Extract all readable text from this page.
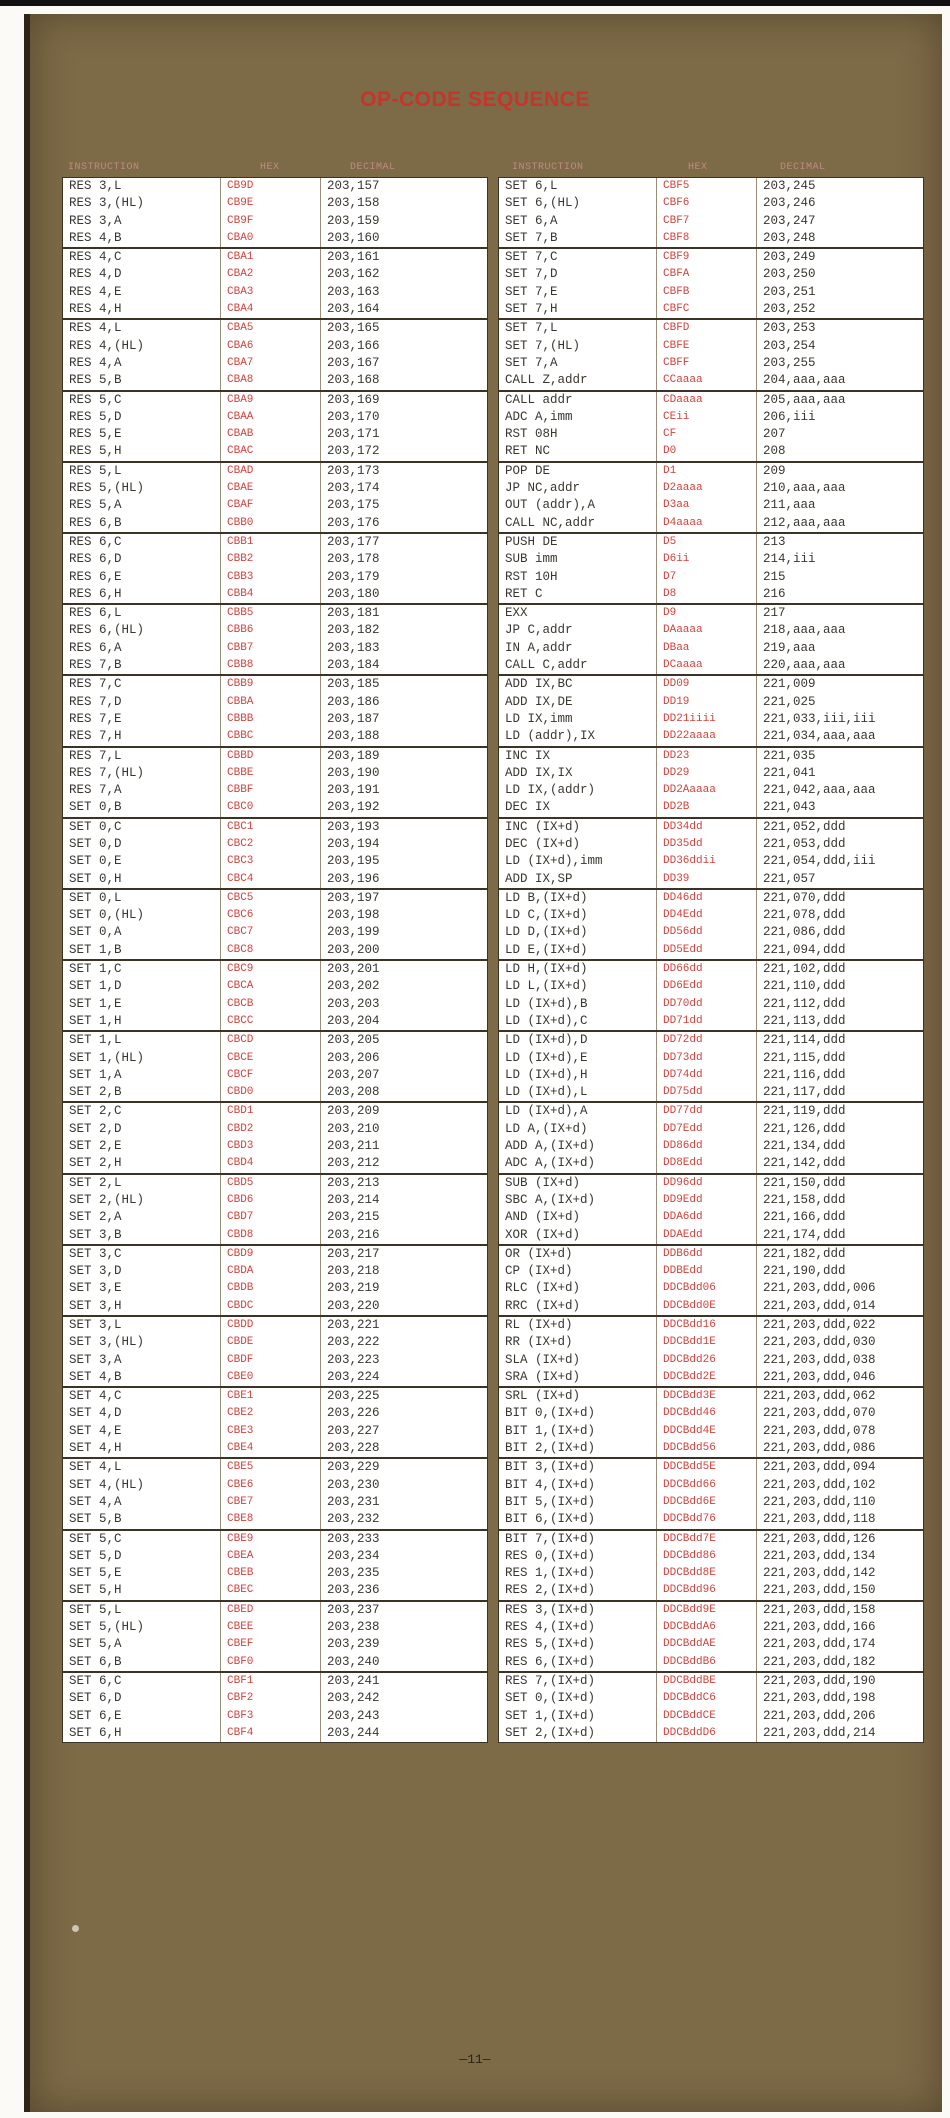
OP-CODE SEQUENCE
INSTRUCTION	HEX	DECIMAL	INSTRUCTION	HEX	DECIMAL
RES 3,L	CB9D	203,157
RES 3,(HL)	CB9E	203,158
RES 3,A	CB9F	203,159
RES 4,B	CBA0	203,160
RES 4,C	CBA1	203,161
RES 4,D	CBA2	203,162
RES 4,E	CBA3	203,163
RES 4,H	CBA4	203,164
RES 4,L	CBA5	203,165
RES 4,(HL)	CBA6	203,166
RES 4,A	CBA7	203,167
RES 5,B	CBA8	203,168
RES 5,C	CBA9	203,169
RES 5,D	CBAA	203,170
RES 5,E	CBAB	203,171
RES 5,H	CBAC	203,172
RES 5,L	CBAD	203,173
RES 5,(HL)	CBAE	203,174
RES 5,A	CBAF	203,175
RES 6,B	CBB0	203,176
RES 6,C	CBB1	203,177
RES 6,D	CBB2	203,178
RES 6,E	CBB3	203,179
RES 6,H	CBB4	203,180
RES 6,L	CBB5	203,181
RES 6,(HL)	CBB6	203,182
RES 6,A	CBB7	203,183
RES 7,B	CBB8	203,184
RES 7,C	CBB9	203,185
RES 7,D	CBBA	203,186
RES 7,E	CBBB	203,187
RES 7,H	CBBC	203,188
RES 7,L	CBBD	203,189
RES 7,(HL)	CBBE	203,190
RES 7,A	CBBF	203,191
SET 0,B	CBC0	203,192
SET 0,C	CBC1	203,193
SET 0,D	CBC2	203,194
SET 0,E	CBC3	203,195
SET 0,H	CBC4	203,196
SET 0,L	CBC5	203,197
SET 0,(HL)	CBC6	203,198
SET 0,A	CBC7	203,199
SET 1,B	CBC8	203,200
SET 1,C	CBC9	203,201
SET 1,D	CBCA	203,202
SET 1,E	CBCB	203,203
SET 1,H	CBCC	203,204
SET 1,L	CBCD	203,205
SET 1,(HL)	CBCE	203,206
SET 1,A	CBCF	203,207
SET 2,B	CBD0	203,208
SET 2,C	CBD1	203,209
SET 2,D	CBD2	203,210
SET 2,E	CBD3	203,211
SET 2,H	CBD4	203,212
SET 2,L	CBD5	203,213
SET 2,(HL)	CBD6	203,214
SET 2,A	CBD7	203,215
SET 3,B	CBD8	203,216
SET 3,C	CBD9	203,217
SET 3,D	CBDA	203,218
SET 3,E	CBDB	203,219
SET 3,H	CBDC	203,220
SET 3,L	CBDD	203,221
SET 3,(HL)	CBDE	203,222
SET 3,A	CBDF	203,223
SET 4,B	CBE0	203,224
SET 4,C	CBE1	203,225
SET 4,D	CBE2	203,226
SET 4,E	CBE3	203,227
SET 4,H	CBE4	203,228
SET 4,L	CBE5	203,229
SET 4,(HL)	CBE6	203,230
SET 4,A	CBE7	203,231
SET 5,B	CBE8	203,232
SET 5,C	CBE9	203,233
SET 5,D	CBEA	203,234
SET 5,E	CBEB	203,235
SET 5,H	CBEC	203,236
SET 5,L	CBED	203,237
SET 5,(HL)	CBEE	203,238
SET 5,A	CBEF	203,239
SET 6,B	CBF0	203,240
SET 6,C	CBF1	203,241
SET 6,D	CBF2	203,242
SET 6,E	CBF3	203,243
SET 6,H	CBF4	203,244
SET 6,L	CBF5	203,245
SET 6,(HL)	CBF6	203,246
SET 6,A	CBF7	203,247
SET 7,B	CBF8	203,248
SET 7,C	CBF9	203,249
SET 7,D	CBFA	203,250
SET 7,E	CBFB	203,251
SET 7,H	CBFC	203,252
SET 7,L	CBFD	203,253
SET 7,(HL)	CBFE	203,254
SET 7,A	CBFF	203,255
CALL Z,addr	CCaaaa	204,aaa,aaa
CALL addr	CDaaaa	205,aaa,aaa
ADC A,imm	CEii	206,iii
RST 08H	CF	207
RET NC	D0	208
POP DE	D1	209
JP NC,addr	D2aaaa	210,aaa,aaa
OUT (addr),A	D3aa	211,aaa
CALL NC,addr	D4aaaa	212,aaa,aaa
PUSH DE	D5	213
SUB imm	D6ii	214,iii
RST 10H	D7	215
RET C	D8	216
EXX	D9	217
JP C,addr	DAaaaa	218,aaa,aaa
IN A,addr	DBaa	219,aaa
CALL C,addr	DCaaaa	220,aaa,aaa
ADD IX,BC	DD09	221,009
ADD IX,DE	DD19	221,025
LD IX,imm	DD21iiii	221,033,iii,iii
LD (addr),IX	DD22aaaa	221,034,aaa,aaa
INC IX	DD23	221,035
ADD IX,IX	DD29	221,041
LD IX,(addr)	DD2Aaaaa	221,042,aaa,aaa
DEC IX	DD2B	221,043
INC (IX+d)	DD34dd	221,052,ddd
DEC (IX+d)	DD35dd	221,053,ddd
LD (IX+d),imm	DD36ddii	221,054,ddd,iii
ADD IX,SP	DD39	221,057
LD B,(IX+d)	DD46dd	221,070,ddd
LD C,(IX+d)	DD4Edd	221,078,ddd
LD D,(IX+d)	DD56dd	221,086,ddd
LD E,(IX+d)	DD5Edd	221,094,ddd
LD H,(IX+d)	DD66dd	221,102,ddd
LD L,(IX+d)	DD6Edd	221,110,ddd
LD (IX+d),B	DD70dd	221,112,ddd
LD (IX+d),C	DD71dd	221,113,ddd
LD (IX+d),D	DD72dd	221,114,ddd
LD (IX+d),E	DD73dd	221,115,ddd
LD (IX+d),H	DD74dd	221,116,ddd
LD (IX+d),L	DD75dd	221,117,ddd
LD (IX+d),A	DD77dd	221,119,ddd
LD A,(IX+d)	DD7Edd	221,126,ddd
ADD A,(IX+d)	DD86dd	221,134,ddd
ADC A,(IX+d)	DD8Edd	221,142,ddd
SUB (IX+d)	DD96dd	221,150,ddd
SBC A,(IX+d)	DD9Edd	221,158,ddd
AND (IX+d)	DDA6dd	221,166,ddd
XOR (IX+d)	DDAEdd	221,174,ddd
OR (IX+d)	DDB6dd	221,182,ddd
CP (IX+d)	DDBEdd	221,190,ddd
RLC (IX+d)	DDCBdd06	221,203,ddd,006
RRC (IX+d)	DDCBdd0E	221,203,ddd,014
RL (IX+d)	DDCBdd16	221,203,ddd,022
RR (IX+d)	DDCBdd1E	221,203,ddd,030
SLA (IX+d)	DDCBdd26	221,203,ddd,038
SRA (IX+d)	DDCBdd2E	221,203,ddd,046
SRL (IX+d)	DDCBdd3E	221,203,ddd,062
BIT 0,(IX+d)	DDCBdd46	221,203,ddd,070
BIT 1,(IX+d)	DDCBdd4E	221,203,ddd,078
BIT 2,(IX+d)	DDCBdd56	221,203,ddd,086
BIT 3,(IX+d)	DDCBdd5E	221,203,ddd,094
BIT 4,(IX+d)	DDCBdd66	221,203,ddd,102
BIT 5,(IX+d)	DDCBdd6E	221,203,ddd,110
BIT 6,(IX+d)	DDCBdd76	221,203,ddd,118
BIT 7,(IX+d)	DDCBdd7E	221,203,ddd,126
RES 0,(IX+d)	DDCBdd86	221,203,ddd,134
RES 1,(IX+d)	DDCBdd8E	221,203,ddd,142
RES 2,(IX+d)	DDCBdd96	221,203,ddd,150
RES 3,(IX+d)	DDCBdd9E	221,203,ddd,158
RES 4,(IX+d)	DDCBddA6	221,203,ddd,166
RES 5,(IX+d)	DDCBddAE	221,203,ddd,174
RES 6,(IX+d)	DDCBddB6	221,203,ddd,182
RES 7,(IX+d)	DDCBddBE	221,203,ddd,190
SET 0,(IX+d)	DDCBddC6	221,203,ddd,198
SET 1,(IX+d)	DDCBddCE	221,203,ddd,206
SET 2,(IX+d)	DDCBddD6	221,203,ddd,214
—11—
